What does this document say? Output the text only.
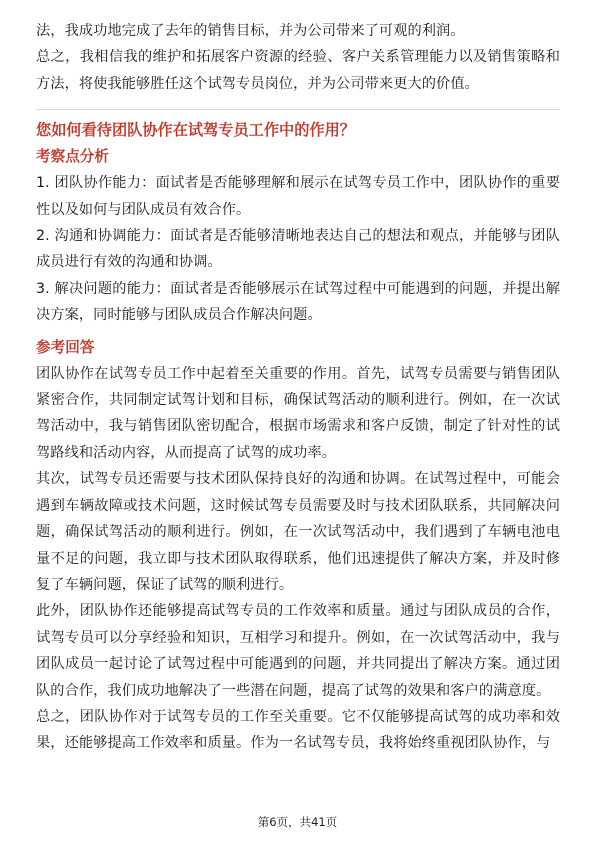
法，我成功地完成了去年的销售目标，并为公司带来了可观的利润。

总之，我相信我的维护和拓展客户资源的经验、客户关系管理能力以及销售策略和方法，将使我能够胜任这个试驾专员岗位，并为公司带来更大的价值。

您如何看待团队协作在试驾专员工作中的作用？

考察点分析

1. 团队协作能力：面试者是否能够理解和展示在试驾专员工作中，团队协作的重要性以及如何与团队成员有效合作。

2. 沟通和协调能力：面试者是否能够清晰地表达自己的想法和观点，并能够与团队成员进行有效的沟通和协调。

3. 解决问题的能力：面试者是否能够展示在试驾过程中可能遇到的问题，并提出解决方案，同时能够与团队成员合作解决问题。

参考回答

团队协作在试驾专员工作中起着至关重要的作用。首先，试驾专员需要与销售团队紧密合作，共同制定试驾计划和目标，确保试驾活动的顺利进行。例如，在一次试驾活动中，我与销售团队密切配合，根据市场需求和客户反馈，制定了针对性的试驾路线和活动内容，从而提高了试驾的成功率。

其次，试驾专员还需要与技术团队保持良好的沟通和协调。在试驾过程中，可能会遇到车辆故障或技术问题，这时候试驾专员需要及时与技术团队联系，共同解决问题，确保试驾活动的顺利进行。例如，在一次试驾活动中，我们遇到了车辆电池电量不足的问题，我立即与技术团队取得联系，他们迅速提供了解决方案，并及时修复了车辆问题，保证了试驾的顺利进行。

此外，团队协作还能够提高试驾专员的工作效率和质量。通过与团队成员的合作，试驾专员可以分享经验和知识，互相学习和提升。例如，在一次试驾活动中，我与团队成员一起讨论了试驾过程中可能遇到的问题，并共同提出了解决方案。通过团队的合作，我们成功地解决了一些潜在问题，提高了试驾的效果和客户的满意度。

总之，团队协作对于试驾专员的工作至关重要。它不仅能够提高试驾的成功率和效果，还能够提高工作效率和质量。作为一名试驾专员，我将始终重视团队协作，与

第6页，共41页
